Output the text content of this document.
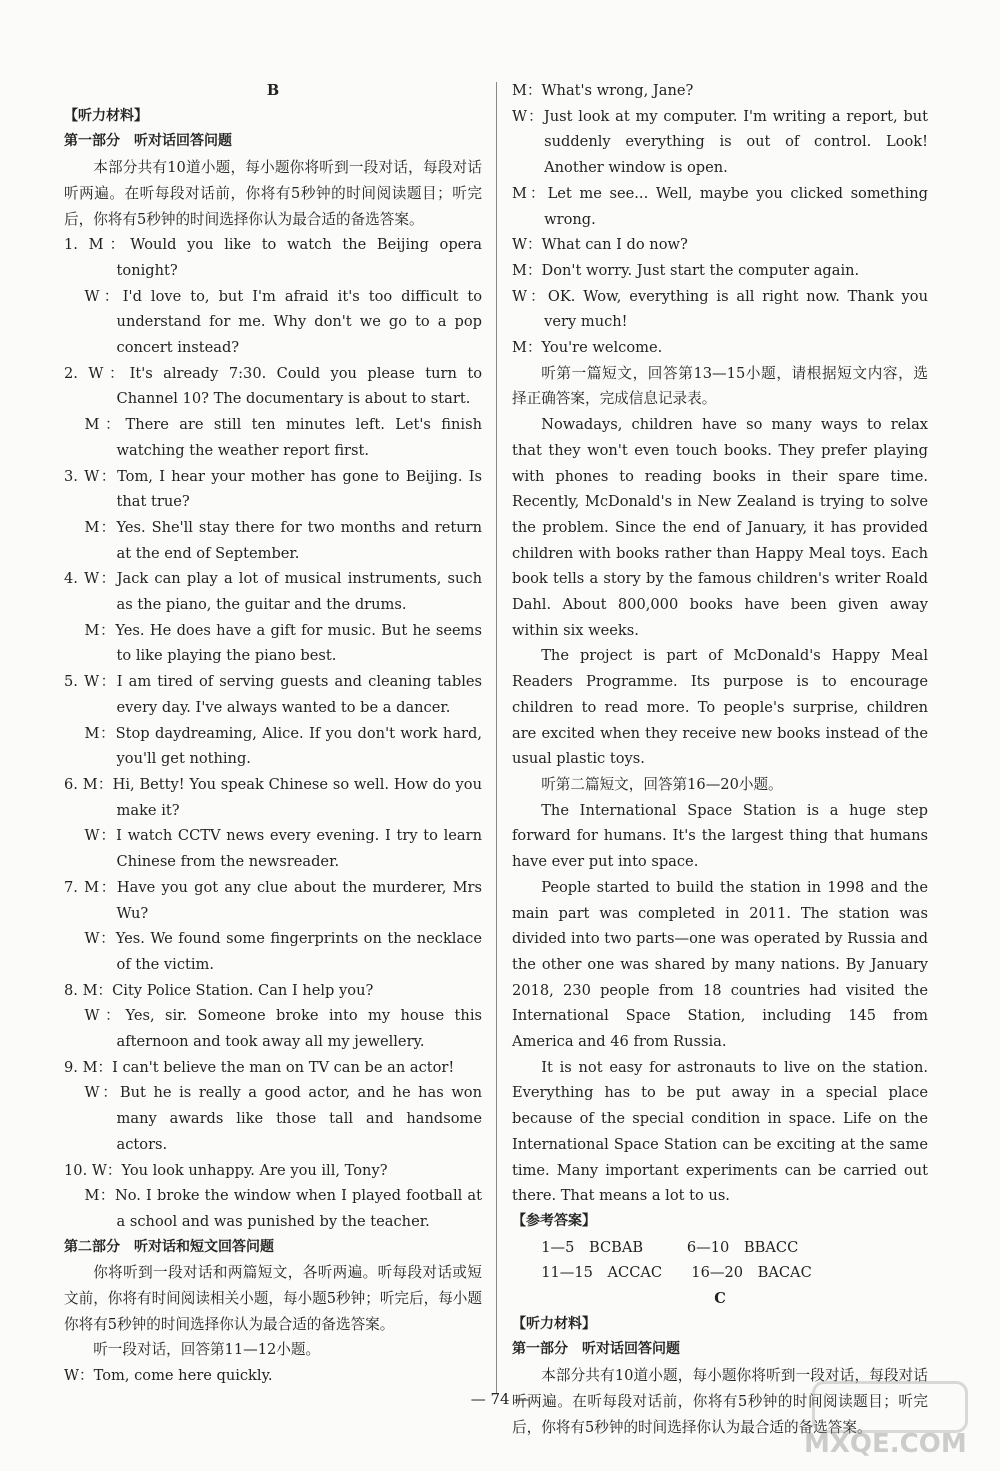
B
【听力材料】
第一部分　听对话回答问题
本部分共有10道小题，每小题你将听到一段对话，每段对话听两遍。在听每段对话前，你将有5秒钟的时间阅读题目；听完后，你将有5秒钟的时间选择你认为最合适的备选答案。
1. M：Would you like to watch the Beijing opera tonight?
W：I'd love to, but I'm afraid it's too difficult to understand for me. Why don't we go to a pop concert instead?
2. W：It's already 7:30. Could you please turn to Channel 10? The documentary is about to start.
M：There are still ten minutes left. Let's finish watching the weather report first.
3. W：Tom, I hear your mother has gone to Beijing. Is that true?
M：Yes. She'll stay there for two months and return at the end of September.
4. W：Jack can play a lot of musical instruments, such as the piano, the guitar and the drums.
M：Yes. He does have a gift for music. But he seems to like playing the piano best.
5. W：I am tired of serving guests and cleaning tables every day. I've always wanted to be a dancer.
M：Stop daydreaming, Alice. If you don't work hard, you'll get nothing.
6. M：Hi, Betty! You speak Chinese so well. How do you make it?
W：I watch CCTV news every evening. I try to learn Chinese from the newsreader.
7. M：Have you got any clue about the murderer, Mrs Wu?
W：Yes. We found some fingerprints on the necklace of the victim.
8. M：City Police Station. Can I help you?
W：Yes, sir. Someone broke into my house this afternoon and took away all my jewellery.
9. M：I can't believe the man on TV can be an actor!
W：But he is really a good actor, and he has won many awards like those tall and handsome actors.
10. W：You look unhappy. Are you ill, Tony?
M：No. I broke the window when I played football at a school and was punished by the teacher.
第二部分　听对话和短文回答问题
你将听到一段对话和两篇短文，各听两遍。听每段对话或短文前，你将有时间阅读相关小题，每小题5秒钟；听完后，每小题你将有5秒钟的时间选择你认为最合适的备选答案。
听一段对话，回答第11—12小题。
W：Tom, come here quickly.
M：What's wrong, Jane?
W：Just look at my computer. I'm writing a report, but suddenly everything is out of control. Look! Another window is open.
M：Let me see... Well, maybe you clicked something wrong.
W：What can I do now?
M：Don't worry. Just start the computer again.
W：OK. Wow, everything is all right now. Thank you very much!
M：You're welcome.
听第一篇短文，回答第13—15小题，请根据短文内容，选择正确答案，完成信息记录表。
Nowadays, children have so many ways to relax that they won't even touch books. They prefer playing with phones to reading books in their spare time. Recently, McDonald's in New Zealand is trying to solve the problem. Since the end of January, it has provided children with books rather than Happy Meal toys. Each book tells a story by the famous children's writer Roald Dahl. About 800,000 books have been given away within six weeks.
The project is part of McDonald's Happy Meal Readers Programme. Its purpose is to encourage children to read more. To people's surprise, children are excited when they receive new books instead of the usual plastic toys.
听第二篇短文，回答第16—20小题。
The International Space Station is a huge step forward for humans. It's the largest thing that humans have ever put into space.
People started to build the station in 1998 and the main part was completed in 2011. The station was divided into two parts—one was operated by Russia and the other one was shared by many nations. By January 2018, 230 people from 18 countries had visited the International Space Station, including 145 from America and 46 from Russia.
It is not easy for astronauts to live on the station. Everything has to be put away in a special place because of the special condition in space. Life on the International Space Station can be exciting at the same time. Many important experiments can be carried out there. That means a lot to us.
【参考答案】
1—5　BCBAB　　　6—10　BBACC
11—15　ACCAC　　16—20　BACAC
C
【听力材料】
第一部分　听对话回答问题
本部分共有10道小题，每小题你将听到一段对话，每段对话听两遍。在听每段对话前，你将有5秒钟的时间阅读题目；听完后，你将有5秒钟的时间选择你认为最合适的备选答案。
— 74 —
MXQE.COM
